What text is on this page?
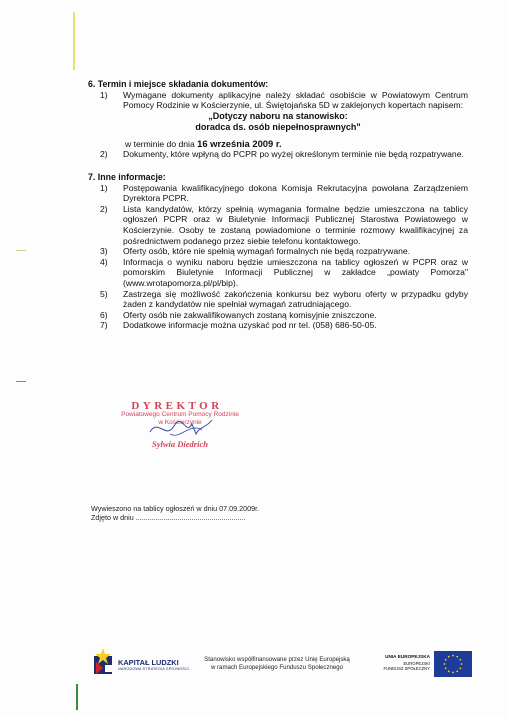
6. Termin i miejsce składania dokumentów:
1) Wymagane dokumenty aplikacyjne należy składać osobiście w Powiatowym Centrum Pomocy Rodzinie w Kościerzynie, ul. Świętojańska 5D w zaklejonych kopertach napisem:
„Dotyczy naboru na stanowisko:
doradca ds. osób niepełnosprawnych"
w terminie do dnia 16 września 2009 r.
2) Dokumenty, które wpłyną do PCPR po wyżej określonym terminie nie będą rozpatrywane.
7. Inne informacje:
1) Postępowania kwalifikacyjnego dokona Komisja Rekrutacyjna powołana Zarządzeniem Dyrektora PCPR.
2) Lista kandydatów, którzy spełnią wymagania formalne będzie umieszczona na tablicy ogłoszeń PCPR oraz w Biuletynie Informacji Publicznej Starostwa Powiatowego w Kościerzynie. Osoby te zostaną powiadomione o terminie rozmowy kwalifikacyjnej za pośrednictwem podanego przez siebie telefonu kontaktowego.
3) Oferty osób, które nie spełnią wymagań formalnych nie będą rozpatrywane.
4) Informacja o wyniku naboru będzie umieszczona na tablicy ogłoszeń w PCPR oraz w pomorskim Biuletynie Informacji Publicznej w zakładce „powiaty Pomorza" (www.wrotapomorza.pl/pl/bip).
5) Zastrzega się możliwość zakończenia konkursu bez wyboru oferty w przypadku gdyby żaden z kandydatów nie spełniał wymagań zatrudniającego.
6) Oferty osób nie zakwalifikowanych zostaną komisyjnie zniszczone.
7) Dodatkowe informacje można uzyskać pod nr tel. (058) 686-50-05.
DYREKTOR
Powiatowego Centrum Pomocy Rodzinie
w Kościerzynie
Sylwia Diedrich
Wywieszono na tablicy ogłoszeń w dniu 07.09.2009r.
Zdjęto w dniu .......................................................
KAPITAŁ LUDZKI
NARODOWA STRATEGIA SPÓJNOŚCI
Stanowisko współfinansowane przez Unię Europejską
w ramach Europejskiego Funduszu Społecznego
UNIA EUROPEJSKA
EUROPEJSKI
FUNDUSZ SPOŁECZNY
